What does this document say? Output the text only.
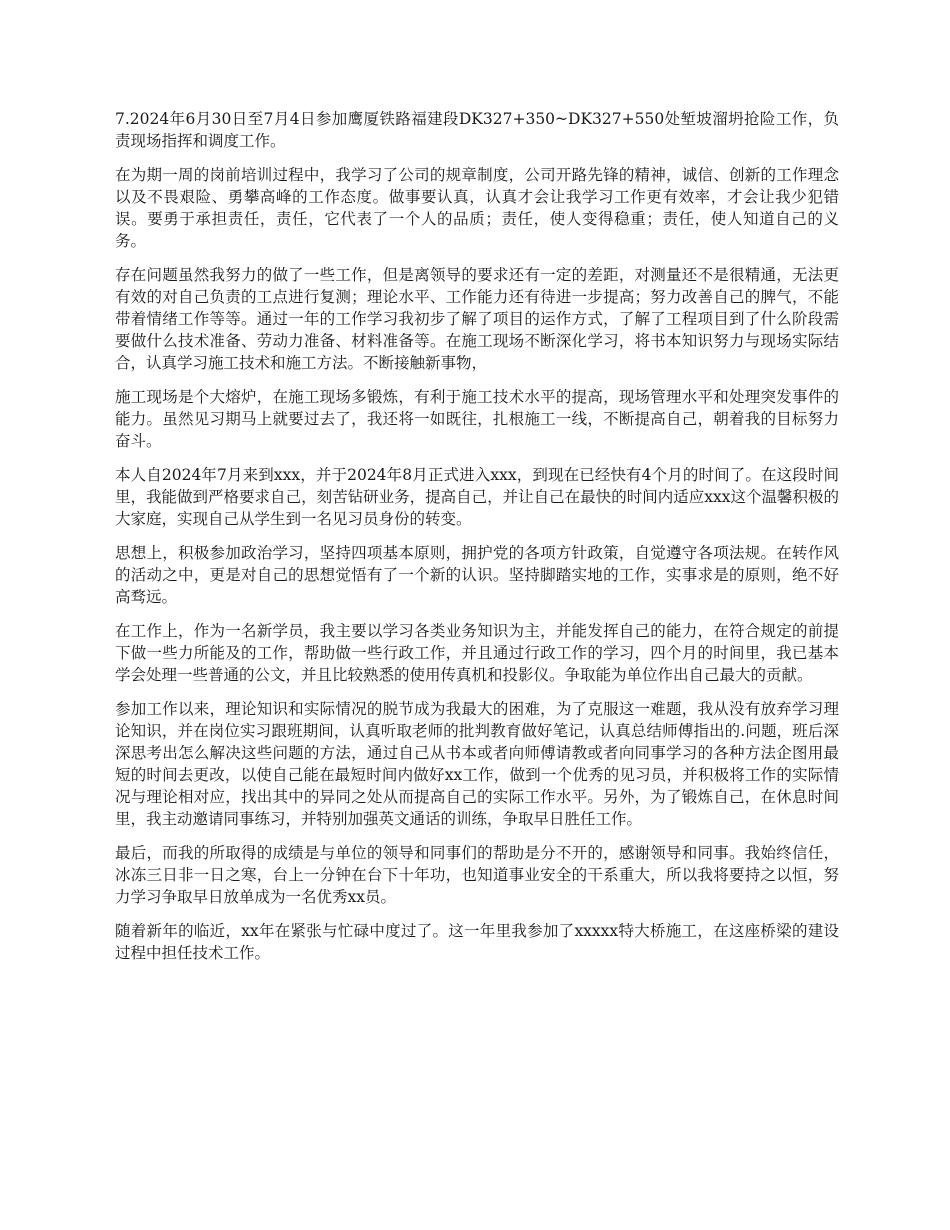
7.2024年6月30日至7月4日参加鹰厦铁路福建段DK327+350~DK327+550处堑坡溜坍抢险工作，负责现场指挥和调度工作。

在为期一周的岗前培训过程中，我学习了公司的规章制度，公司开路先锋的精神，诚信、创新的工作理念以及不畏艰险、勇攀高峰的工作态度。做事要认真，认真才会让我学习工作更有效率，才会让我少犯错误。要勇于承担责任，责任，它代表了一个人的品质；责任，使人变得稳重；责任，使人知道自己的义务。

存在问题虽然我努力的做了一些工作，但是离领导的要求还有一定的差距，对测量还不是很精通，无法更有效的对自己负责的工点进行复测；理论水平、工作能力还有待进一步提高；努力改善自己的脾气，不能带着情绪工作等等。通过一年的工作学习我初步了解了项目的运作方式，了解了工程项目到了什么阶段需要做什么技术准备、劳动力准备、材料准备等。在施工现场不断深化学习，将书本知识努力与现场实际结合，认真学习施工技术和施工方法。不断接触新事物，

施工现场是个大熔炉，在施工现场多锻炼，有利于施工技术水平的提高，现场管理水平和处理突发事件的能力。虽然见习期马上就要过去了，我还将一如既往，扎根施工一线，不断提高自己，朝着我的目标努力奋斗。

本人自2024年7月来到xxx，并于2024年8月正式进入xxx，到现在已经快有4个月的时间了。在这段时间里，我能做到严格要求自己，刻苦钻研业务，提高自己，并让自己在最快的时间内适应xxx这个温馨积极的大家庭，实现自己从学生到一名见习员身份的转变。

思想上，积极参加政治学习，坚持四项基本原则，拥护党的各项方针政策，自觉遵守各项法规。在转作风的活动之中，更是对自己的思想觉悟有了一个新的认识。坚持脚踏实地的工作，实事求是的原则，绝不好高骛远。

在工作上，作为一名新学员，我主要以学习各类业务知识为主，并能发挥自己的能力，在符合规定的前提下做一些力所能及的工作，帮助做一些行政工作，并且通过行政工作的学习，四个月的时间里，我已基本学会处理一些普通的公文，并且比较熟悉的使用传真机和投影仪。争取能为单位作出自己最大的贡献。

参加工作以来，理论知识和实际情况的脱节成为我最大的困难，为了克服这一难题，我从没有放弃学习理论知识，并在岗位实习跟班期间，认真听取老师的批判教育做好笔记，认真总结师傅指出的.问题，班后深深思考出怎么解决这些问题的方法，通过自己从书本或者向师傅请教或者向同事学习的各种方法企图用最短的时间去更改，以使自己能在最短时间内做好xx工作，做到一个优秀的见习员，并积极将工作的实际情况与理论相对应，找出其中的异同之处从而提高自己的实际工作水平。另外，为了锻炼自己，在休息时间里，我主动邀请同事练习，并特别加强英文通话的训练，争取早日胜任工作。

最后，而我的所取得的成绩是与单位的领导和同事们的帮助是分不开的，感谢领导和同事。我始终信任，冰冻三日非一日之寒，台上一分钟在台下十年功，也知道事业安全的干系重大，所以我将要持之以恒，努力学习争取早日放单成为一名优秀xx员。

随着新年的临近，xx年在紧张与忙碌中度过了。这一年里我参加了xxxxx特大桥施工，在这座桥梁的建设过程中担任技术工作。
